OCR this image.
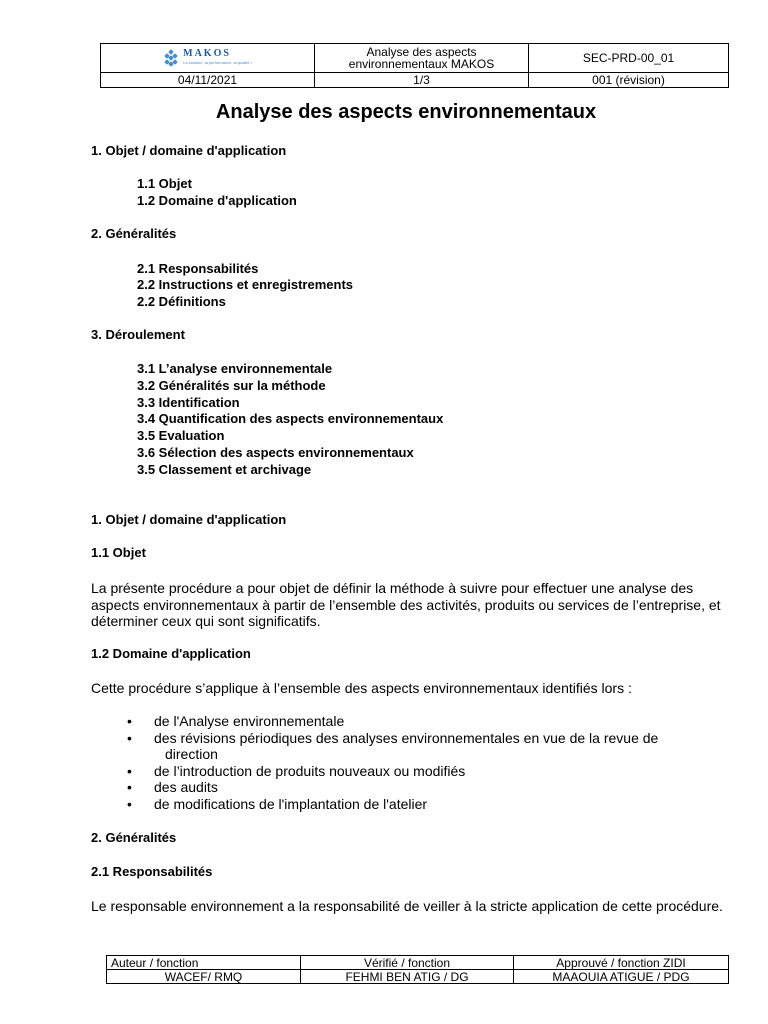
MAKOS
La solution, la performance, la qualité !	Analyse des aspects environnementaux MAKOS	SEC-PRD-00_01
04/11/2021	1/3	001 (révision)
Analyse des aspects environnementaux

1. Objet / domaine d'application

1.1 Objet

1.2 Domaine d'application

2. Généralités

2.1 Responsabilités

2.2 Instructions et enregistrements

2.2 Définitions

3. Déroulement

3.1 L’analyse environnementale

3.2 Généralités sur la méthode

3.3 Identification

3.4 Quantification des aspects environnementaux

3.5 Evaluation

3.6 Sélection des aspects environnementaux

3.5 Classement et archivage

1. Objet / domaine d'application

1.1 Objet

La présente procédure a pour objet de définir la méthode à suivre pour effectuer une analyse des aspects environnementaux à partir de l’ensemble des activités, produits ou services de l’entreprise, et déterminer ceux qui sont significatifs.

1.2 Domaine d'application

Cette procédure s’applique à l’ensemble des aspects environnementaux identifiés lors :

• de l'Analyse environnementale
• des révisions périodiques des analyses environnementales en vue de la revue de
direction
• de l’introduction de produits nouveaux ou modifiés
• des audits
• de modifications de l'implantation de l'atelier

2. Généralités

2.1 Responsabilités

Le responsable environnement a la responsabilité de veiller à la stricte application de cette procédure.

Auteur / fonction	Vérifié / fonction	Approuvé / fonction ZIDI
WACEF/ RMQ	FEHMI BEN ATIG / DG	MAAOUIA ATIGUE / PDG
